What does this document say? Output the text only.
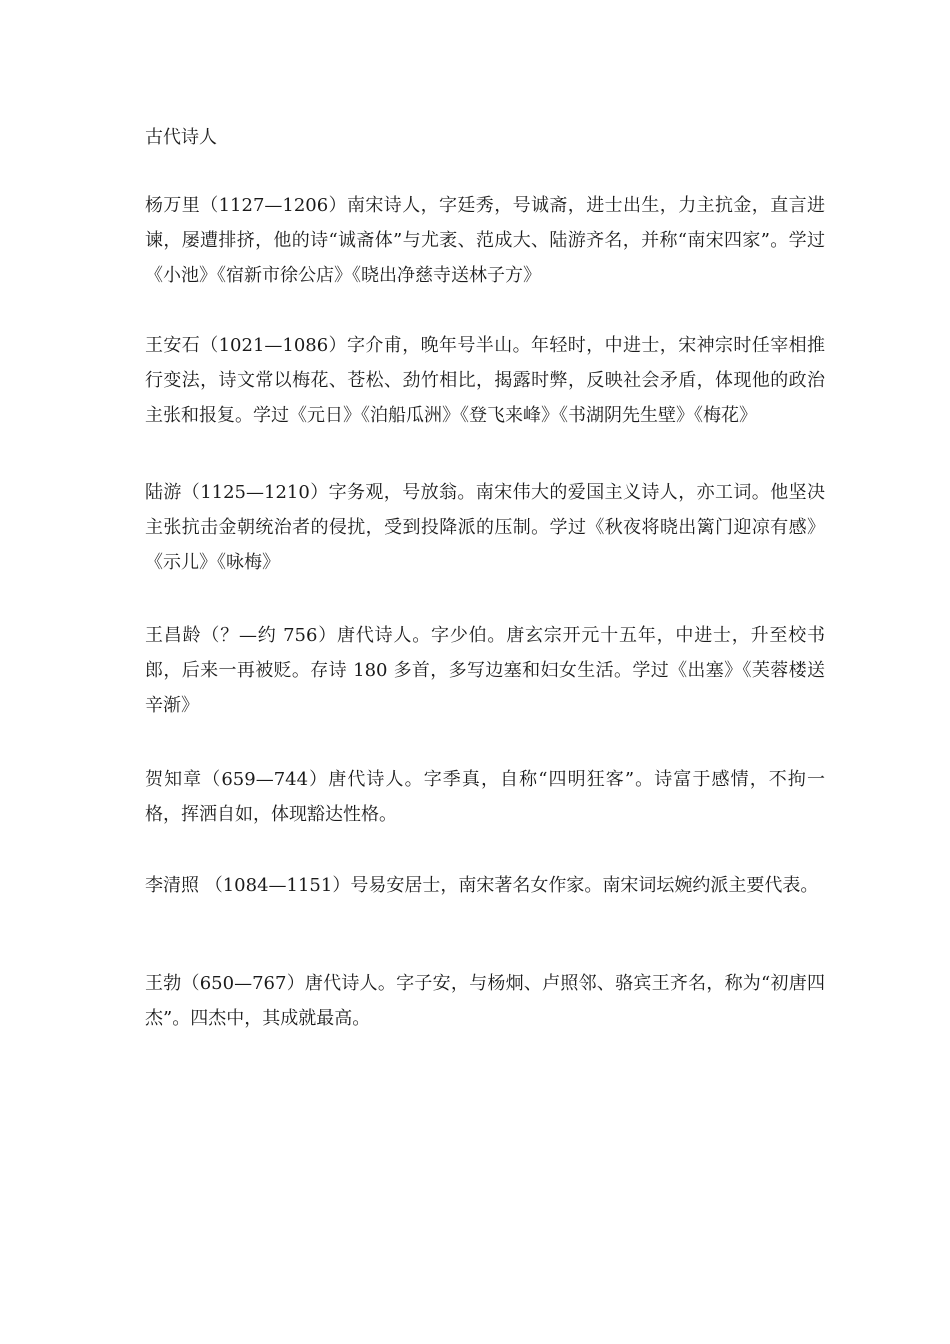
古代诗人
杨万里（1127—1206）南宋诗人，字廷秀，号诚斋，进士出生，力主抗金，直言进谏，屡遭排挤，他的诗“诚斋体”与尤袤、范成大、陆游齐名，并称“南宋四家”。学过《小池》《宿新市徐公店》《晓出净慈寺送林子方》
王安石（1021—1086）字介甫，晚年号半山。年轻时，中进士，宋神宗时任宰相推行变法，诗文常以梅花、苍松、劲竹相比，揭露时弊，反映社会矛盾，体现他的政治主张和报复。学过《元日》《泊船瓜洲》《登飞来峰》《书湖阴先生壁》《梅花》
陆游（1125—1210）字务观，号放翁。南宋伟大的爱国主义诗人，亦工词。他坚决主张抗击金朝统治者的侵扰，受到投降派的压制。学过《秋夜将晓出篱门迎凉有感》《示儿》《咏梅》
王昌龄（？—约 756）唐代诗人。字少伯。唐玄宗开元十五年，中进士，升至校书郎，后来一再被贬。存诗 180 多首，多写边塞和妇女生活。学过《出塞》《芙蓉楼送辛渐》
贺知章（659—744）唐代诗人。字季真，自称“四明狂客”。诗富于感情，不拘一格，挥洒自如，体现豁达性格。
李清照 （1084—1151）号易安居士，南宋著名女作家。南宋词坛婉约派主要代表。
王勃（650—767）唐代诗人。字子安，与杨炯、卢照邻、骆宾王齐名，称为“初唐四杰”。四杰中，其成就最高。
